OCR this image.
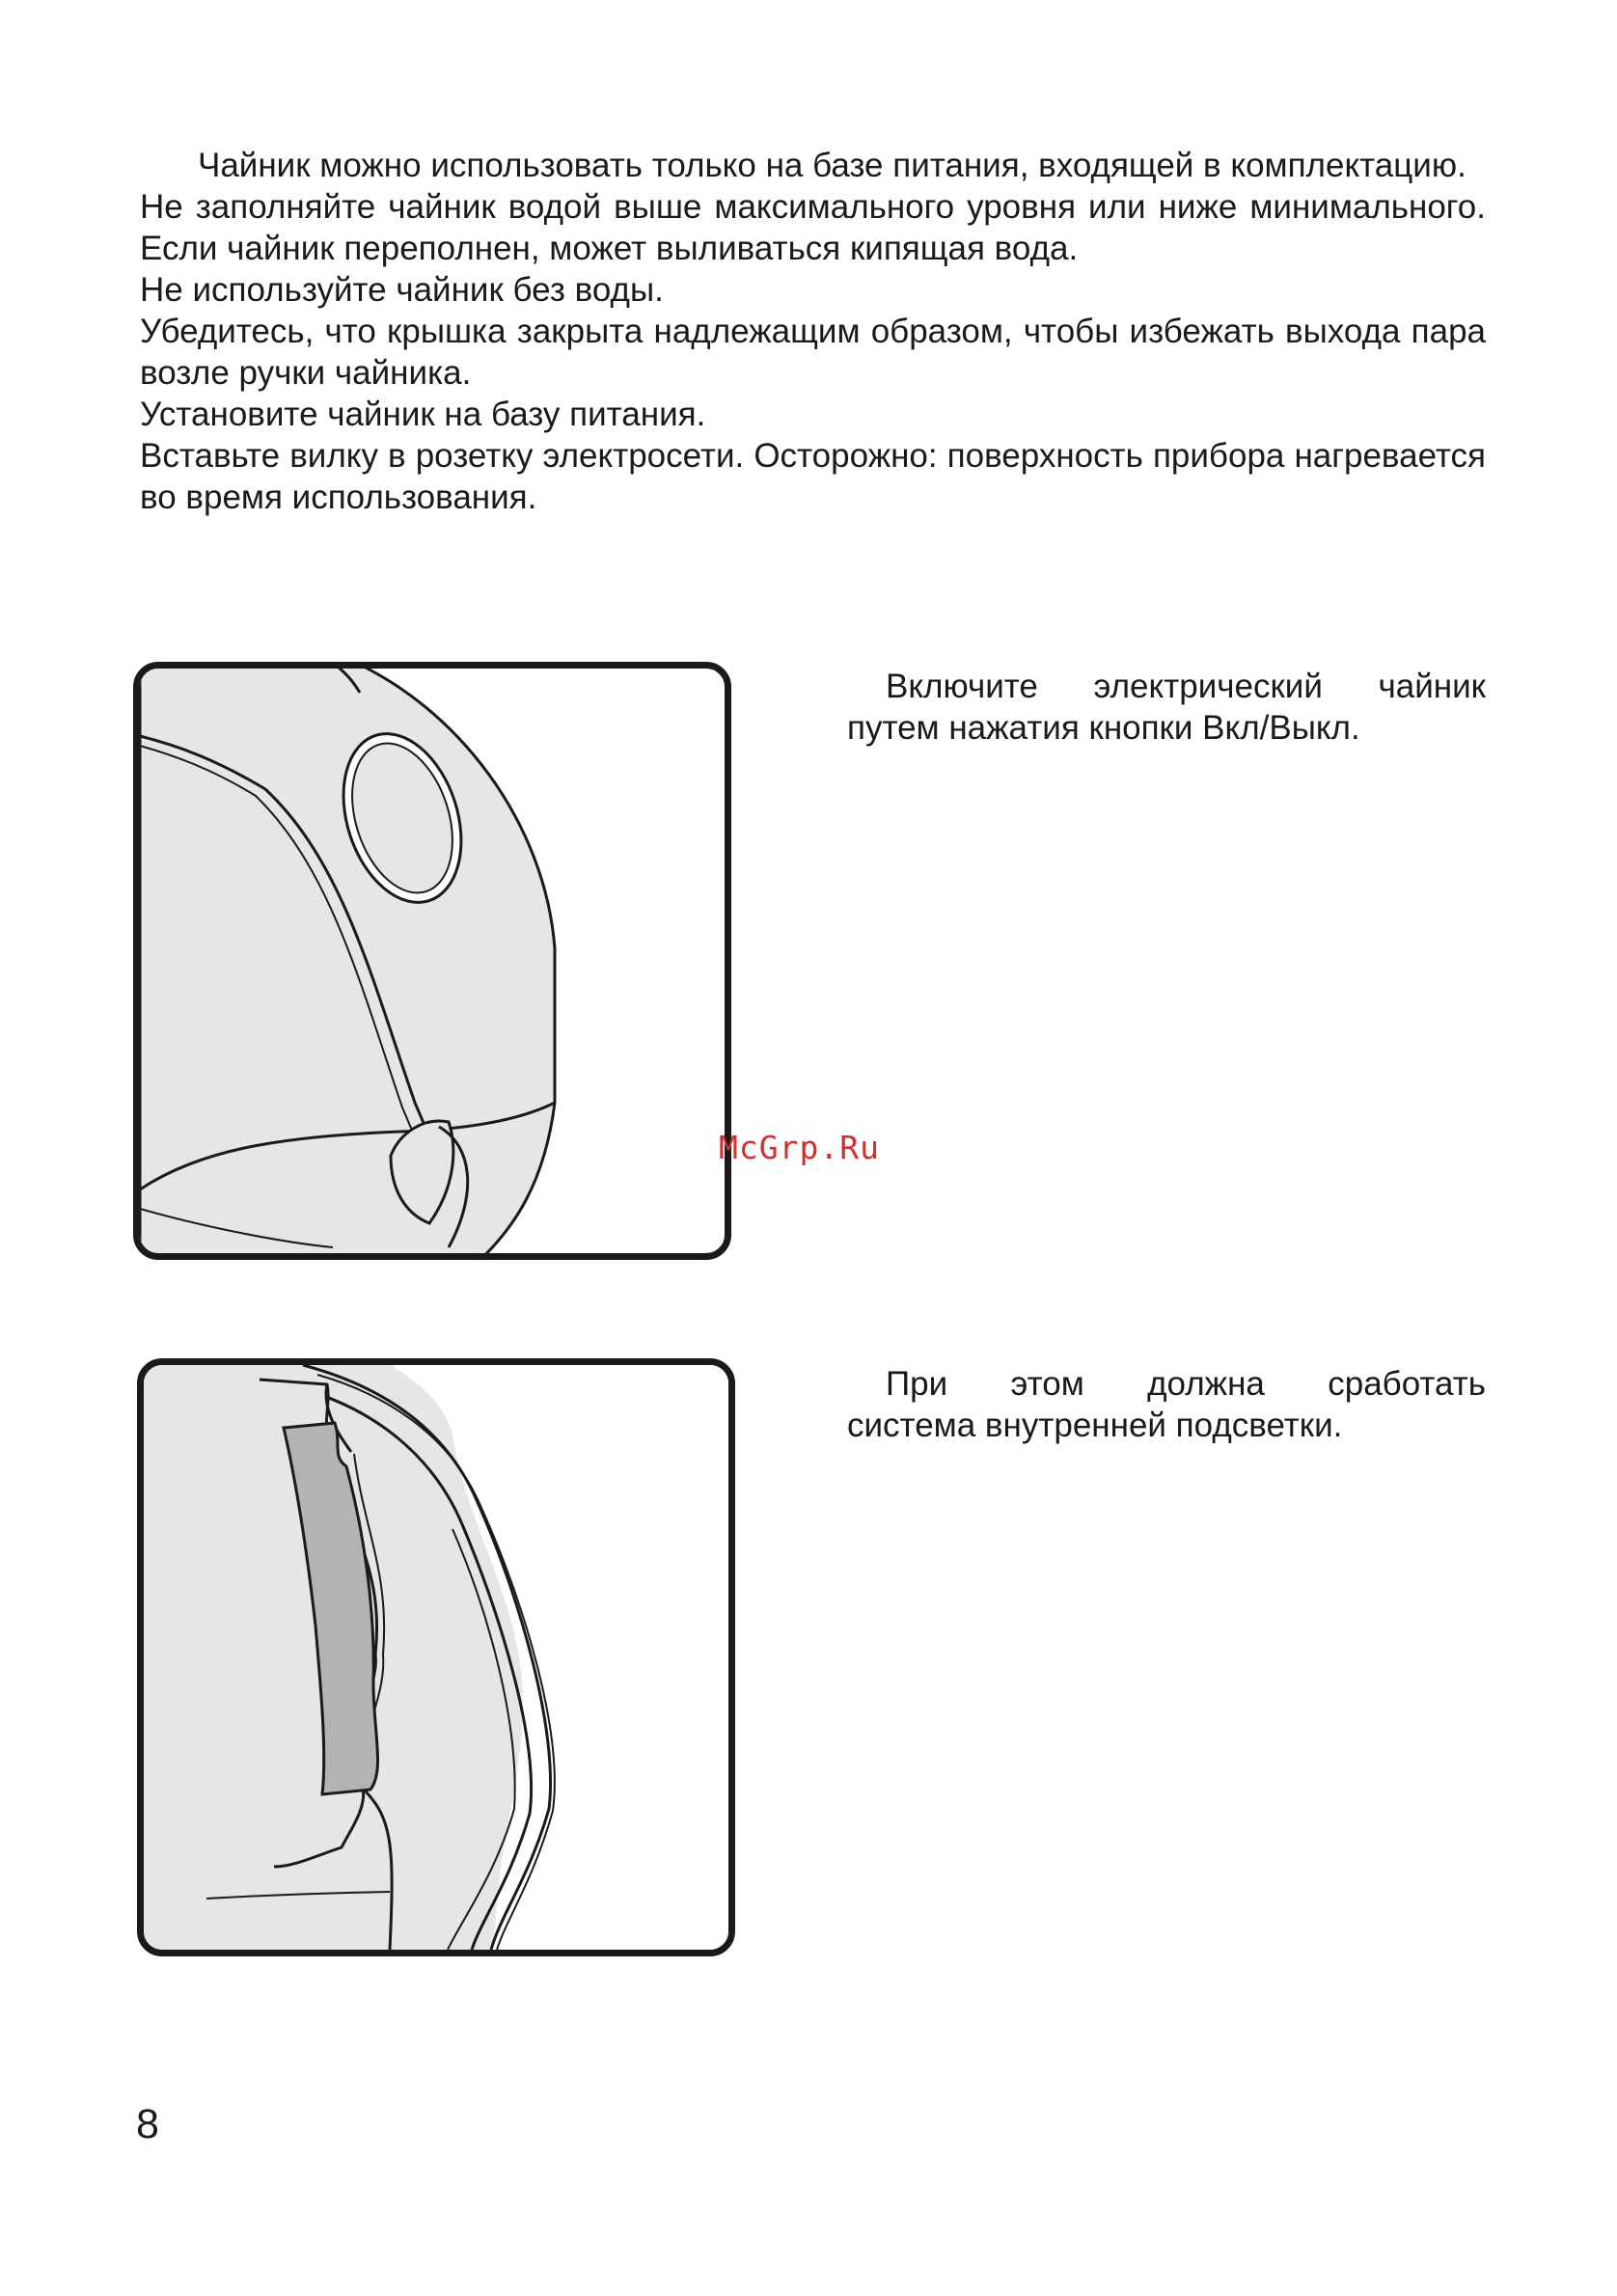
Чайник можно использовать только на базе питания, входящей в комплектацию.

Не заполняйте чайник водой выше максимального уровня или ниже минимального. Если чайник переполнен, может выливаться кипящая вода.

Не используйте чайник без воды.

Убедитесь, что крышка закрыта надлежащим образом, чтобы избежать выхода пара возле ручки чайника.

Установите чайник на базу питания.

Вставьте вилку в розетку электросети. Осторожно: поверхность прибора нагревается во время использования.

Включите электрический чайник
путем нажатия кнопки Вкл/Выкл.
При этом должна сработать
система внутренней подсветки.
McGrp.Ru
8
